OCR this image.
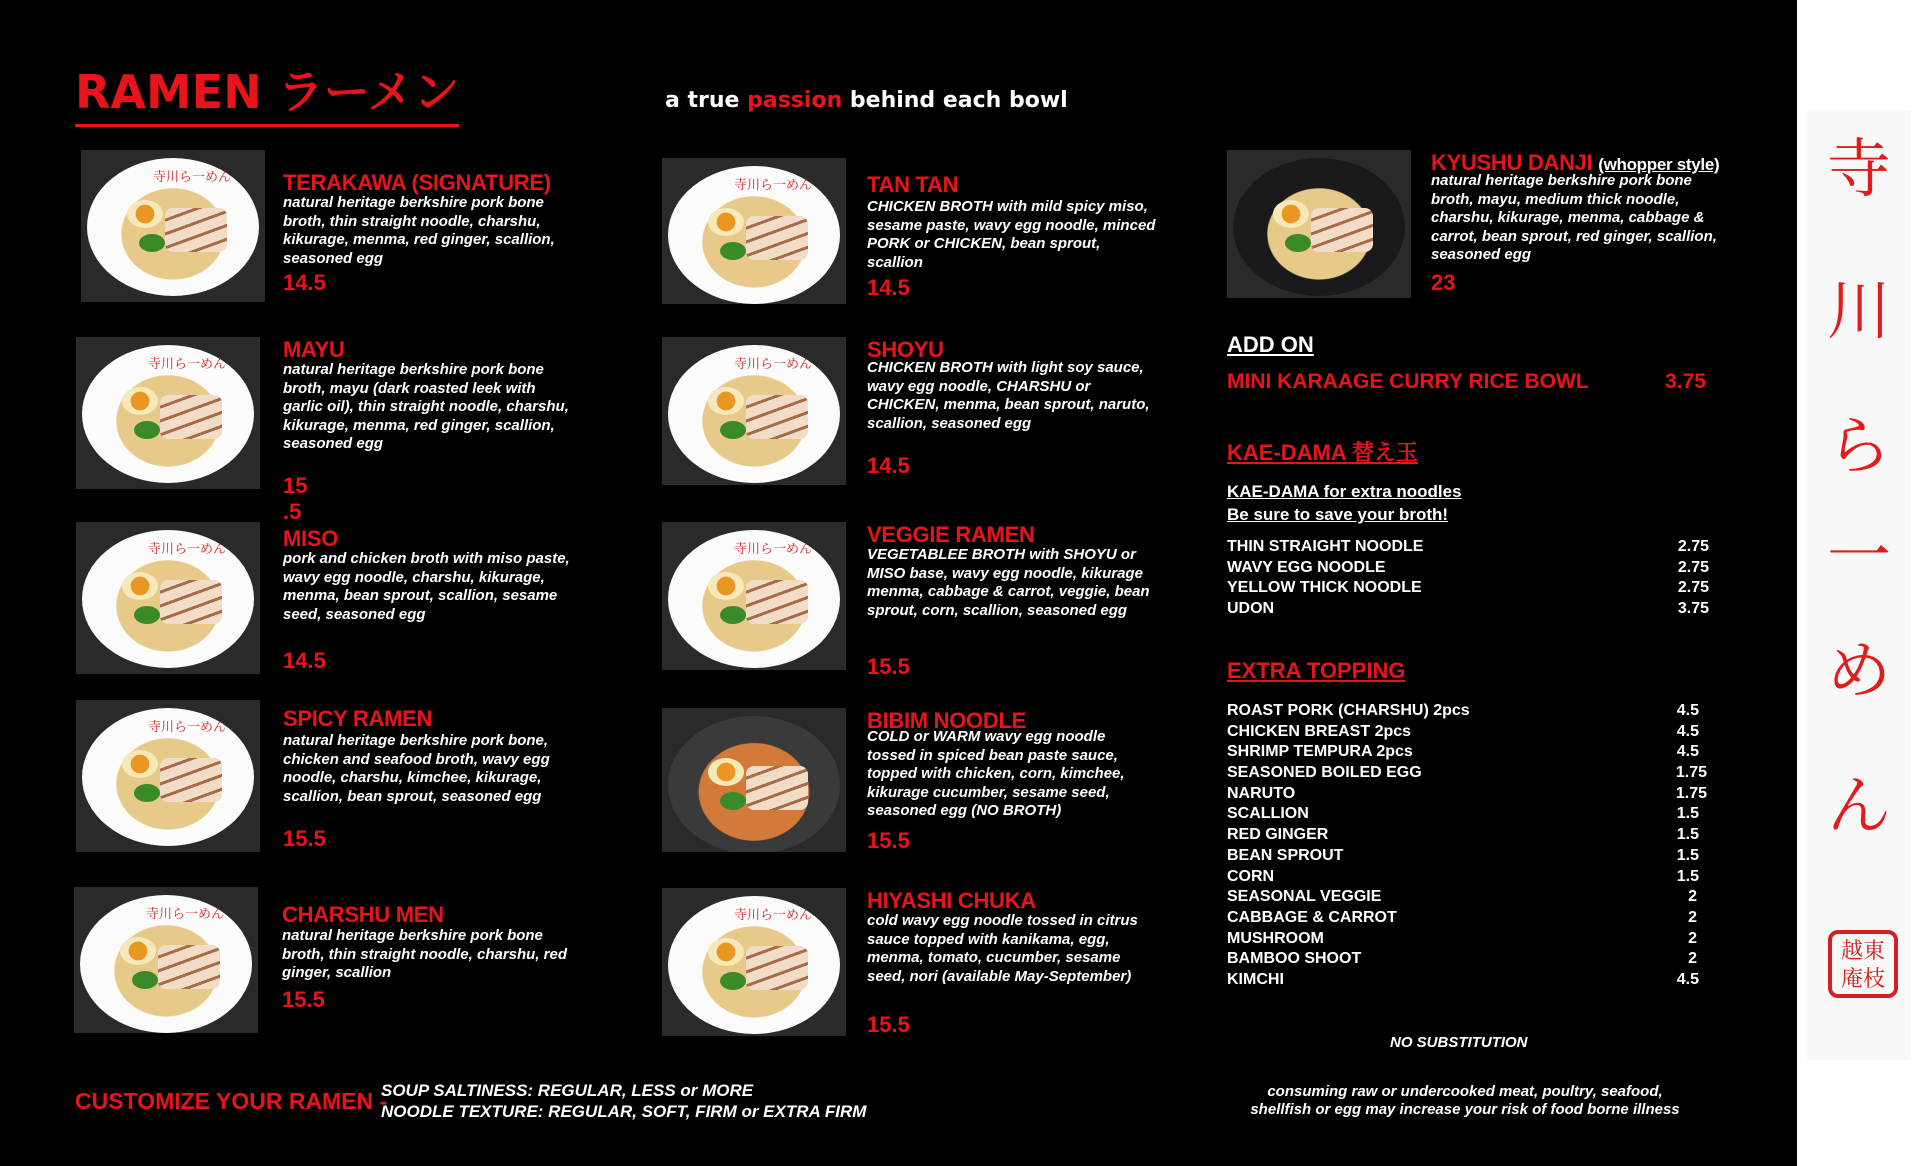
RAMEN ラーメン	a true passion behind each bowl
寺川ら一めん TERAKAWA (SIGNATURE)
natural heritage berkshire pork bone broth, thin straight noodle, charshu, kikurage, menma, red ginger, scallion, seasoned egg
14.5
寺川ら一めん
MAYU
natural heritage berkshire pork bone broth, mayu (dark roasted leek with garlic oil), thin straight noodle, charshu, kikurage, menma, red ginger, scallion, seasoned egg
15 .5
寺川ら一めん	MISO
pork and chicken broth with miso paste, wavy egg noodle, charshu, kikurage, menma, bean sprout, scallion, sesame seed, seasoned egg
14.5
寺川ら一めん	SPICY RAMEN
natural heritage berkshire pork bone, chicken and seafood broth, wavy egg noodle, charshu, kimchee, kikurage, scallion, bean sprout, seasoned egg
15.5
寺川ら一めん	CHARSHU MEN
natural heritage berkshire pork bone broth, thin straight noodle, charshu, red ginger, scallion
15.5
寺川ら一めん TAN TAN
CHICKEN BROTH with mild spicy miso, sesame paste, wavy egg noodle, minced PORK or CHICKEN, bean sprout, scallion
14.5
寺川ら一めん
SHOYU
CHICKEN BROTH with light soy sauce, wavy egg noodle, CHARSHU or CHICKEN, menma, bean sprout, naruto, scallion, seasoned egg
14.5
寺川ら一めん
VEGGIE RAMEN
VEGETABLEE BROTH with SHOYU or MISO base, wavy egg noodle, kikurage menma, cabbage & carrot, veggie, bean sprout, corn, scallion, seasoned egg
15.5
BIBIM NOODLE
COLD or WARM wavy egg noodle tossed in spiced bean paste sauce, topped with chicken, corn, kimchee, kikurage cucumber, sesame seed, seasoned egg (NO BROTH)
15.5
寺川ら一めん
HIYASHI CHUKA
cold wavy egg noodle tossed in citrus sauce topped with kanikama, egg, menma, tomato, cucumber, sesame seed, nori (available May-September)
15.5
KYUSHU DANJI (whopper style)
natural heritage berkshire pork bone broth, mayu, medium thick noodle, charshu, kikurage, menma, cabbage & carrot, bean sprout, red ginger, scallion, seasoned egg
23
ADD ON
MINI KARAAGE CURRY RICE BOWL	3.75
KAE-DAMA 替え玉
KAE-DAMA for extra noodles
Be sure to save your broth!
THIN STRAIGHT NOODLE	2.75
WAVY EGG NOODLE	2.75
YELLOW THICK NOODLE	2.75
UDON	3.75
EXTRA TOPPING
ROAST PORK (CHARSHU) 2pcs	4.5
CHICKEN BREAST 2pcs	4.5
SHRIMP TEMPURA 2pcs	4.5
SEASONED BOILED EGG	1.75
NARUTO	1.75
SCALLION	1.5
RED GINGER	1.5
BEAN SPROUT	1.5
CORN	1.5
SEASONAL VEGGIE	2
CABBAGE & CARROT	2
MUSHROOM	2
BAMBOO SHOOT	2
KIMCHI	4.5
NO SUBSTITUTION
consuming raw or undercooked meat, poultry, seafood, shellfish or egg may increase your risk of food borne illness
CUSTOMIZE YOUR RAMEN -
SOUP SALTINESS: REGULAR, LESS or MORE
NOODLE TEXTURE: REGULAR, SOFT, FIRM or EXTRA FIRM
寺
川
ら
一
め
ん
越東 庵枝
